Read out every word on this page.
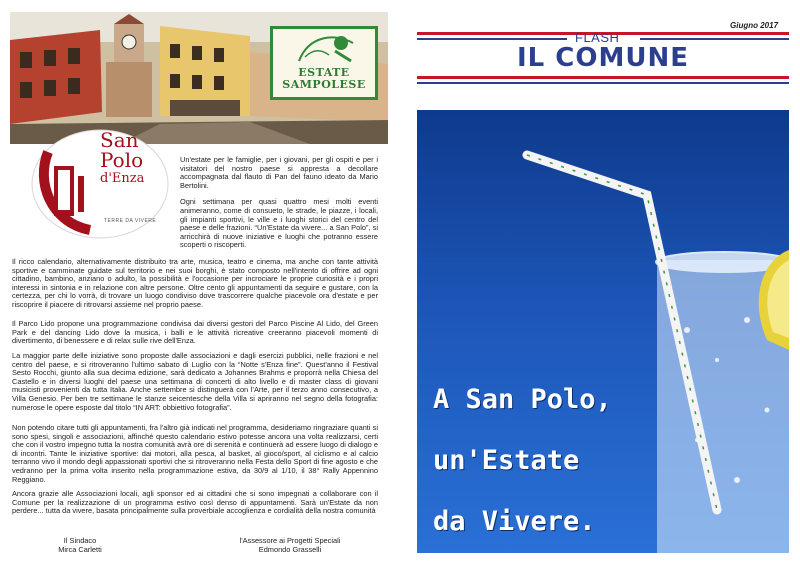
ESTATE
SAMPOLESE
San
Polo
d'Enza
TERRE DA VIVERE

Un'estate per le famiglie, per i giovani, per gli ospiti e per i visitatori del nostro paese si appresta a decollare accompagnata dal flauto di Pan del fauno ideato da Mario Bertolini.

Ogni settimana per quasi quattro mesi molti eventi animeranno, come di consueto, le strade, le piazze, i locali, gli impianti sportivi, le ville e i luoghi storici del centro del paese e delle frazioni. “Un'Estate da vivere... a San Polo”, si arricchirà di nuove iniziative e luoghi che potranno essere scoperti o riscoperti.

Il ricco calendario, alternativamente distribuito tra arte, musica, teatro e cinema, ma anche con tante attività sportive e camminate guidate sul territorio e nei suoi borghi, è stato composto nell'intento di offrire ad ogni cittadino, bambino, anziano o adulto, la possibilità e l'occasione per incrociare le proprie curiosità e i propri interessi in sintonia e in relazione con altre persone. Oltre cento gli appuntamenti da seguire e gustare, con la certezza, per chi lo vorrà, di trovare un luogo condiviso dove trascorrere qualche piacevole ora d'estate e per riscoprire il piacere di ritrovarsi assieme nel proprio paese.

Il Parco Lido propone una programmazione condivisa dai diversi gestori del Parco Piscine Al Lido, del Green Park e del dancing Lido dove la musica, i balli e le attività ricreative creeranno piacevoli momenti di divertimento, di benessere e di relax sulle rive dell'Enza.

La maggior parte delle iniziative sono proposte dalle associazioni e dagli esercizi pubblici, nelle frazioni e nel centro del paese, e si ritroveranno l'ultimo sabato di Luglio con la “Notte s'Enza fine”. Quest'anno il Festival Sesto Rocchi, giunto alla sua decima edizione, sarà dedicato a Johannes Brahms e proporrà nella Chiesa del Castello e in diversi luoghi del paese una settimana di concerti di alto livello e di master class di giovani musicisti provenienti da tutta Italia. Anche settembre si distinguerà con l'Arte, per il terzo anno consecutivo, a Villa Genesio. Per ben tre settimane le stanze seicentesche della Villa si apriranno nel segno della fotografia: numerose le opere esposte dal titolo “IN ART: obbiettivo fotografia”.

Non potendo citare tutti gli appuntamenti, fra l'altro già indicati nel programma, desideriamo ringraziare quanti si sono spesi, singoli e associazioni, affinché questo calendario estivo potesse ancora una volta realizzarsi, certi che con il vostro impegno tutta la nostra comunità avrà ore di serenità e continuerà ad essere luogo di dialogo e di incontri. Tante le iniziative sportive: dai motori, alla pesca, al basket, al gioco/sport, al ciclismo e al calcio terranno vivo il mondo degli appassionati sportivi che si ritroveranno nella Festa dello Sport di fine agosto e che vedranno per la prima volta inserito nella programmazione estiva, da 30/9 al 1/10, il 38° Rally Appennino Reggiano.

Ancora grazie alle Associazioni locali, agli sponsor ed ai cittadini che si sono impegnati a collaborare con il Comune per la realizzazione di un programma estivo così denso di appuntamenti. Sarà un'Estate da non perdere... tutta da vivere, basata principalmente sulla proverbiale accoglienza e cordialità della nostra comunità

Il Sindaco
Mirca Carletti
l'Assessore ai Progetti Speciali
Edmondo Grasselli
Giugno 2017
FLASH
IL COMUNE
A San Polo,
un'Estate
da Vivere.
